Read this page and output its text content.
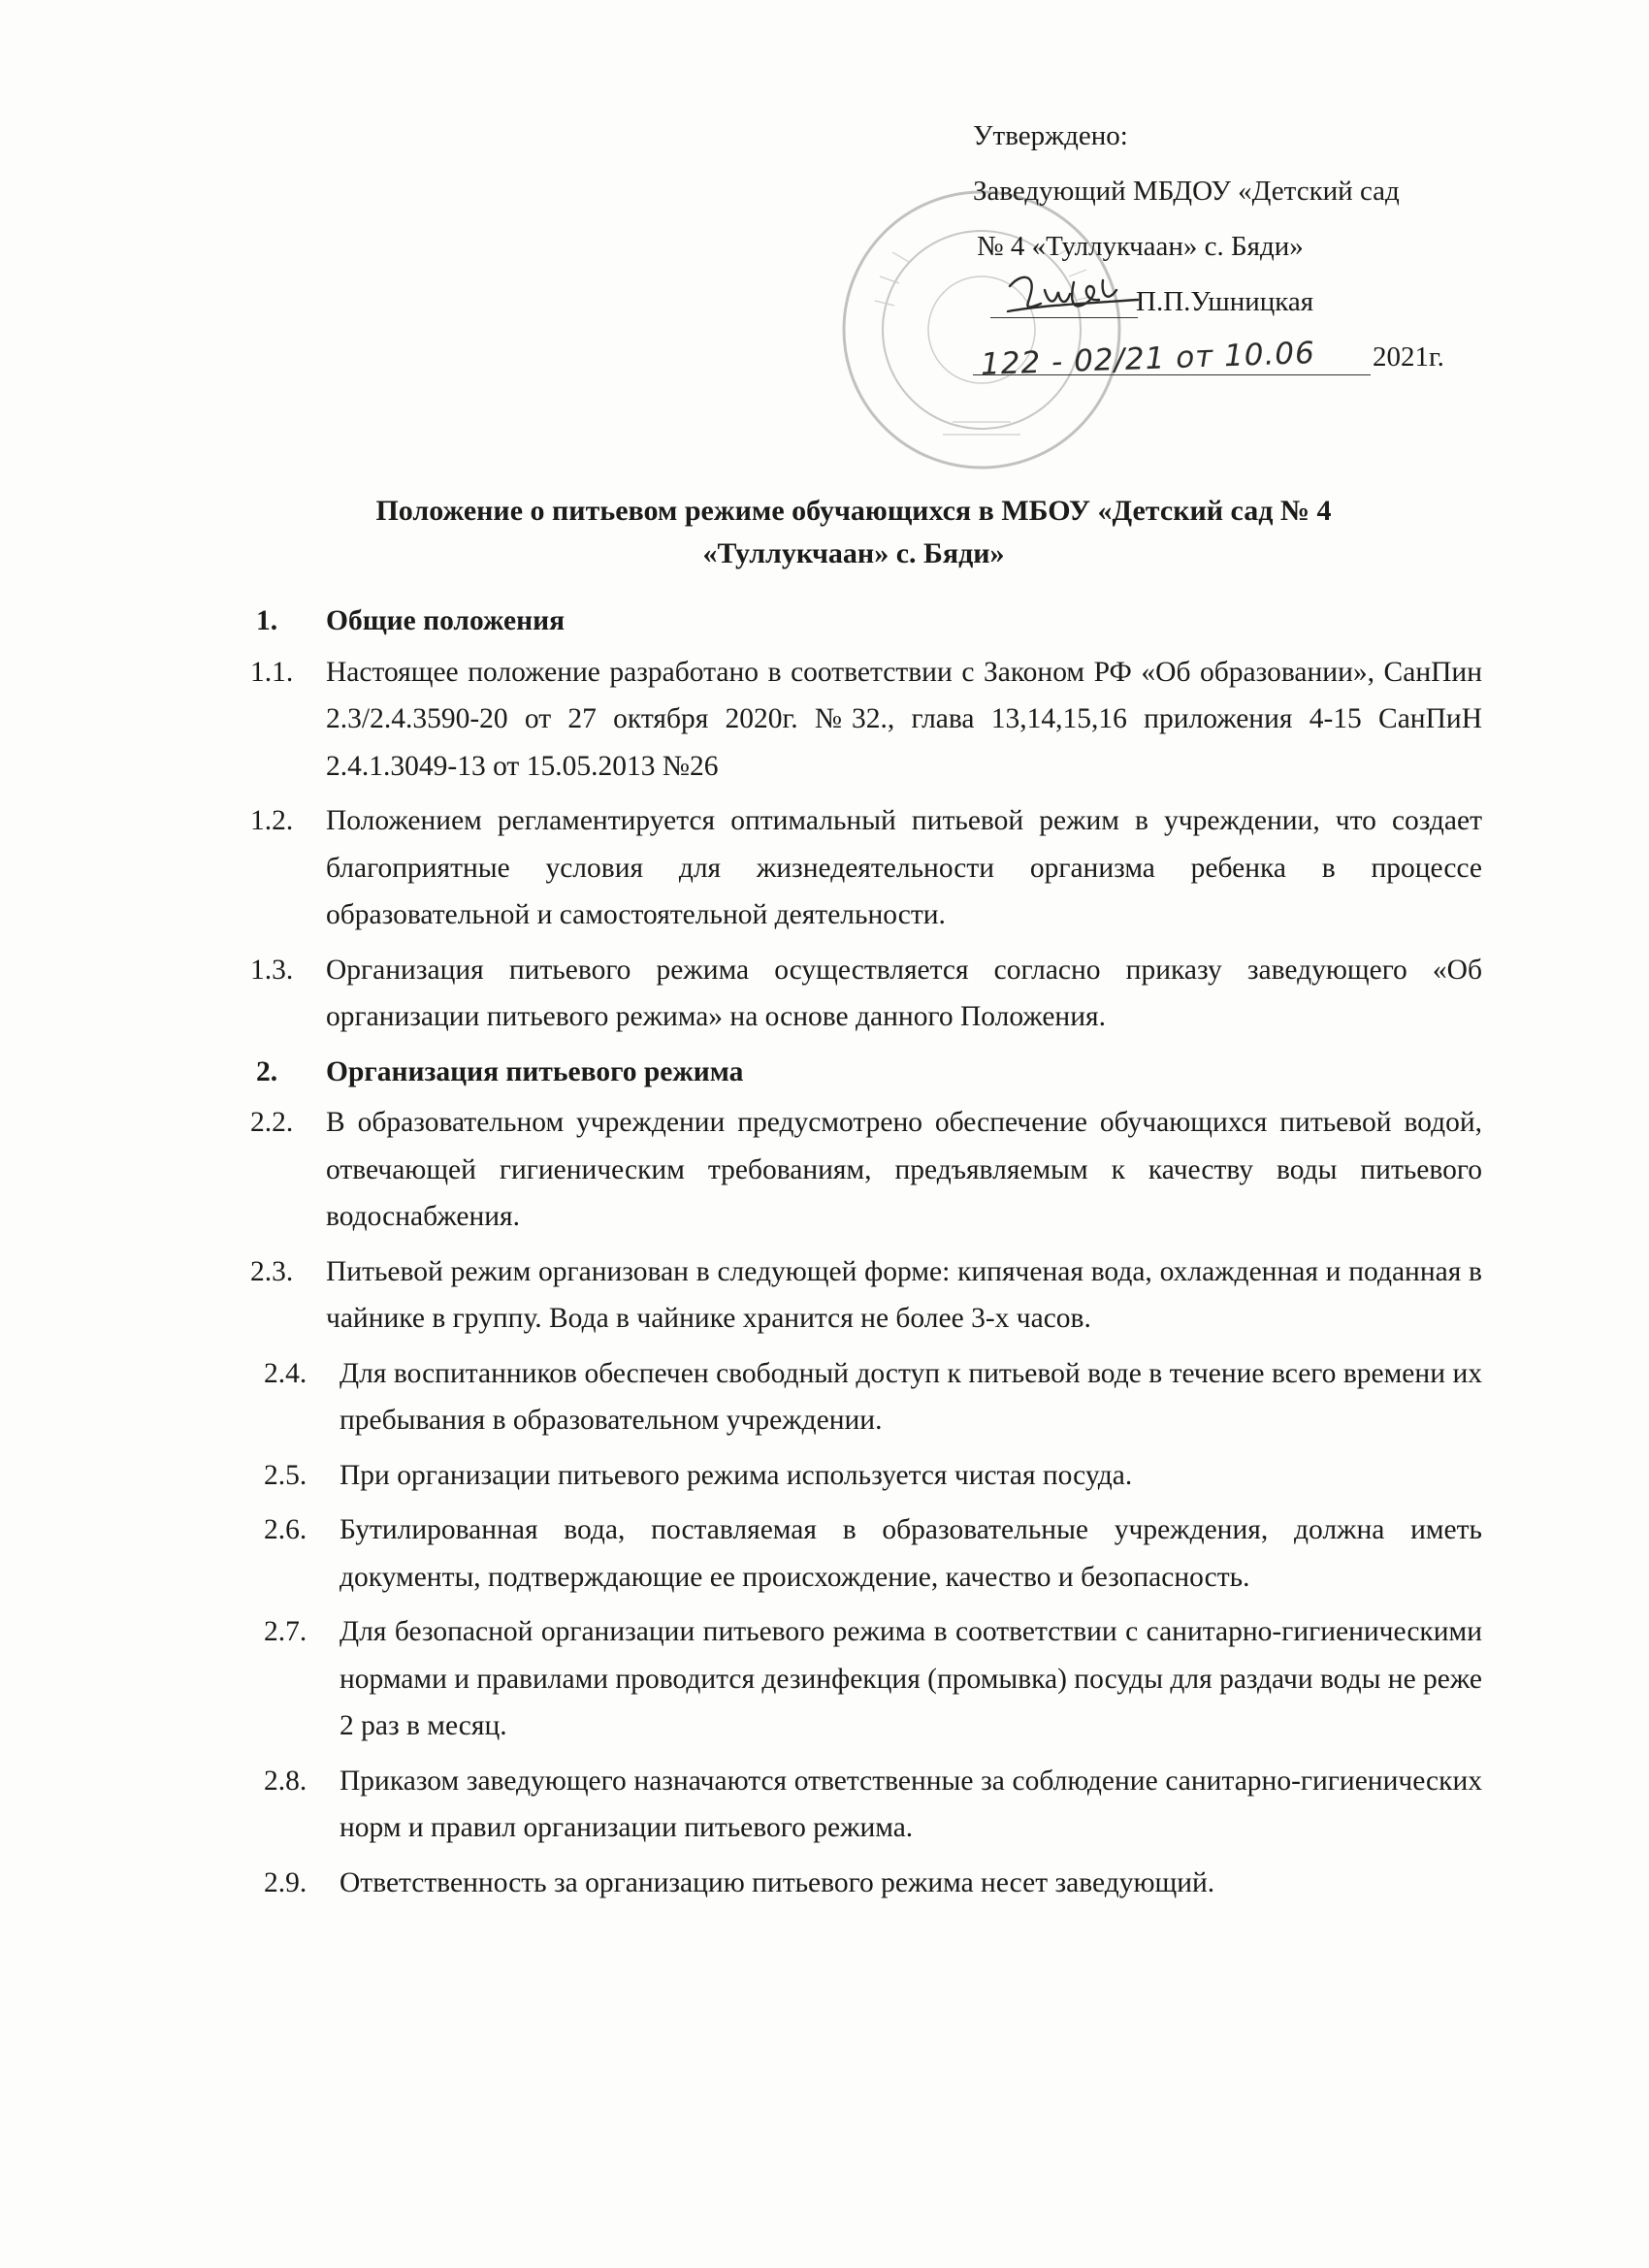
Утверждено:
Заведующий МБДОУ «Детский сад
№ 4 «Туллукчаан» с. Бяди»
П.П.Ушницкая
122 - 02/21 от 10.06 2021г.
Положение о питьевом режиме обучающихся в МБОУ «Детский сад № 4
«Туллукчаан» с. Бяди»
1.	Общие положения
1.1.	Настоящее положение разработано в соответствии с Законом РФ «Об образовании», СанПин 2.3/2.4.3590-20 от 27 октября 2020г. №32., глава 13,14,15,16 приложения 4-15 СанПиН 2.4.1.3049-13 от 15.05.2013 №26
1.2.	Положением регламентируется оптимальный питьевой режим в учреждении, что создает благоприятные условия для жизнедеятельности организма ребенка в процессе образовательной и самостоятельной деятельности.
1.3.	Организация питьевого режима осуществляется согласно приказу заведующего «Об организации питьевого режима» на основе данного Положения.
2.	Организация питьевого режима
2.2.	В образовательном учреждении предусмотрено обеспечение обучающихся питьевой водой, отвечающей гигиеническим требованиям, предъявляемым к качеству воды питьевого водоснабжения.
2.3.	Питьевой режим организован в следующей форме: кипяченая вода, охлажденная и поданная в чайнике в группу. Вода в чайнике хранится не более 3-х часов.
2.4.	Для воспитанников обеспечен свободный доступ к питьевой воде в течение всего времени их пребывания в образовательном учреждении.
2.5.	При организации питьевого режима используется чистая посуда.
2.6.	Бутилированная вода, поставляемая в образовательные учреждения, должна иметь документы, подтверждающие ее происхождение, качество и безопасность.
2.7.	Для безопасной организации питьевого режима в соответствии с санитарно-гигиеническими нормами и правилами проводится дезинфекция (промывка) посуды для раздачи воды не реже 2 раз в месяц.
2.8.	Приказом заведующего назначаются ответственные за соблюдение санитарно-гигиенических норм и правил организации питьевого режима.
2.9.	Ответственность за организацию питьевого режима несет заведующий.
